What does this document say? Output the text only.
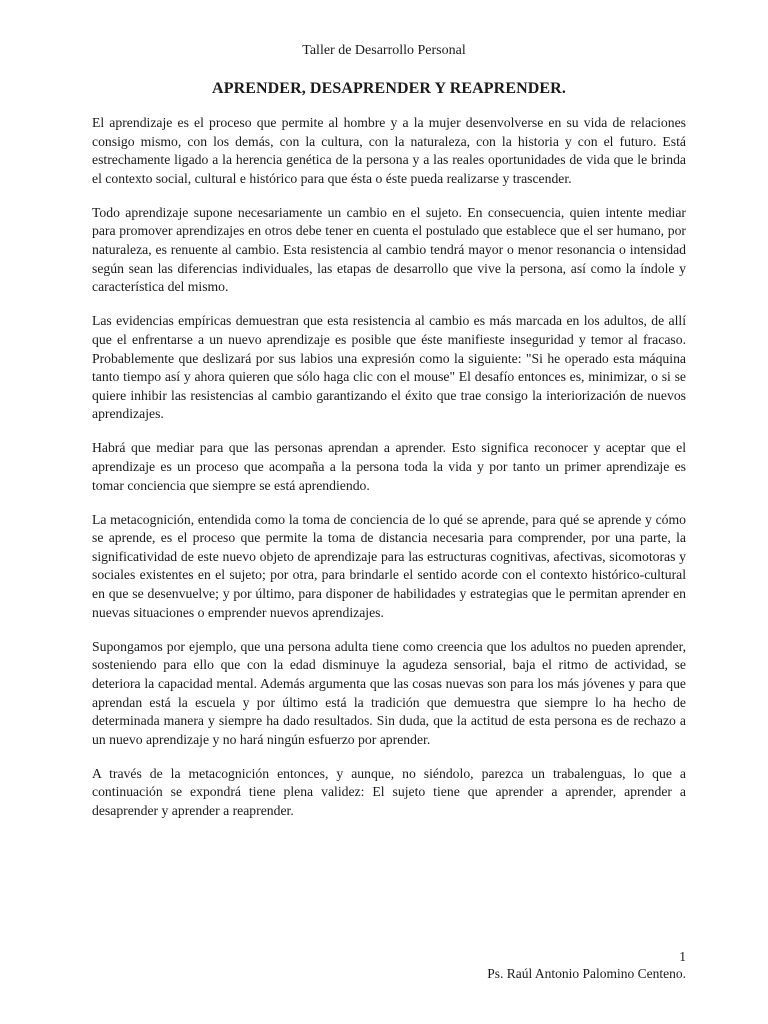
Taller de Desarrollo Personal
APRENDER, DESAPRENDER Y REAPRENDER.

El aprendizaje es el proceso que permite al hombre y a la mujer desenvolverse en su vida de relaciones consigo mismo, con los demás, con la cultura, con la naturaleza, con la historia y con el futuro. Está estrechamente ligado a la herencia genética de la persona y a las reales oportunidades de vida que le brinda el contexto social, cultural e histórico para que ésta o éste pueda realizarse y trascender.

Todo aprendizaje supone necesariamente un cambio en el sujeto. En consecuencia, quien intente mediar para promover aprendizajes en otros debe tener en cuenta el postulado que establece que el ser humano, por naturaleza, es renuente al cambio. Esta resistencia al cambio tendrá mayor o menor resonancia o intensidad según sean las diferencias individuales, las etapas de desarrollo que vive la persona, así como la índole y característica del mismo.

Las evidencias empíricas demuestran que esta resistencia al cambio es más marcada en los adultos, de allí que el enfrentarse a un nuevo aprendizaje es posible que éste manifieste inseguridad y temor al fracaso. Probablemente que deslizará por sus labios una expresión como la siguiente: "Si he operado esta máquina tanto tiempo así y ahora quieren que sólo haga clic con el mouse" El desafío entonces es, minimizar, o si se quiere inhibir las resistencias al cambio garantizando el éxito que trae consigo la interiorización de nuevos aprendizajes.

Habrá que mediar para que las personas aprendan a aprender. Esto significa reconocer y aceptar que el aprendizaje es un proceso que acompaña a la persona toda la vida y por tanto un primer aprendizaje es tomar conciencia que siempre se está aprendiendo.

La metacognición, entendida como la toma de conciencia de lo qué se aprende, para qué se aprende y cómo se aprende, es el proceso que permite la toma de distancia necesaria para comprender, por una parte, la significatividad de este nuevo objeto de aprendizaje para las estructuras cognitivas, afectivas, sicomotoras y sociales existentes en el sujeto; por otra, para brindarle el sentido acorde con el contexto histórico-cultural en que se desenvuelve; y por último, para disponer de habilidades y estrategias que le permitan aprender en nuevas situaciones o emprender nuevos aprendizajes.

Supongamos por ejemplo, que una persona adulta tiene como creencia que los adultos no pueden aprender, sosteniendo para ello que con la edad disminuye la agudeza sensorial, baja el ritmo de actividad, se deteriora la capacidad mental. Además argumenta que las cosas nuevas son para los más jóvenes y para que aprendan está la escuela y por último está la tradición que demuestra que siempre lo ha hecho de determinada manera y siempre ha dado resultados. Sin duda, que la actitud de esta persona es de rechazo a un nuevo aprendizaje y no hará ningún esfuerzo por aprender.

A través de la metacognición entonces, y aunque, no siéndolo, parezca un trabalenguas, lo que a continuación se expondrá tiene plena validez: El sujeto tiene que aprender a aprender, aprender a desaprender y aprender a reaprender.

1
Ps. Raúl Antonio Palomino Centeno.
